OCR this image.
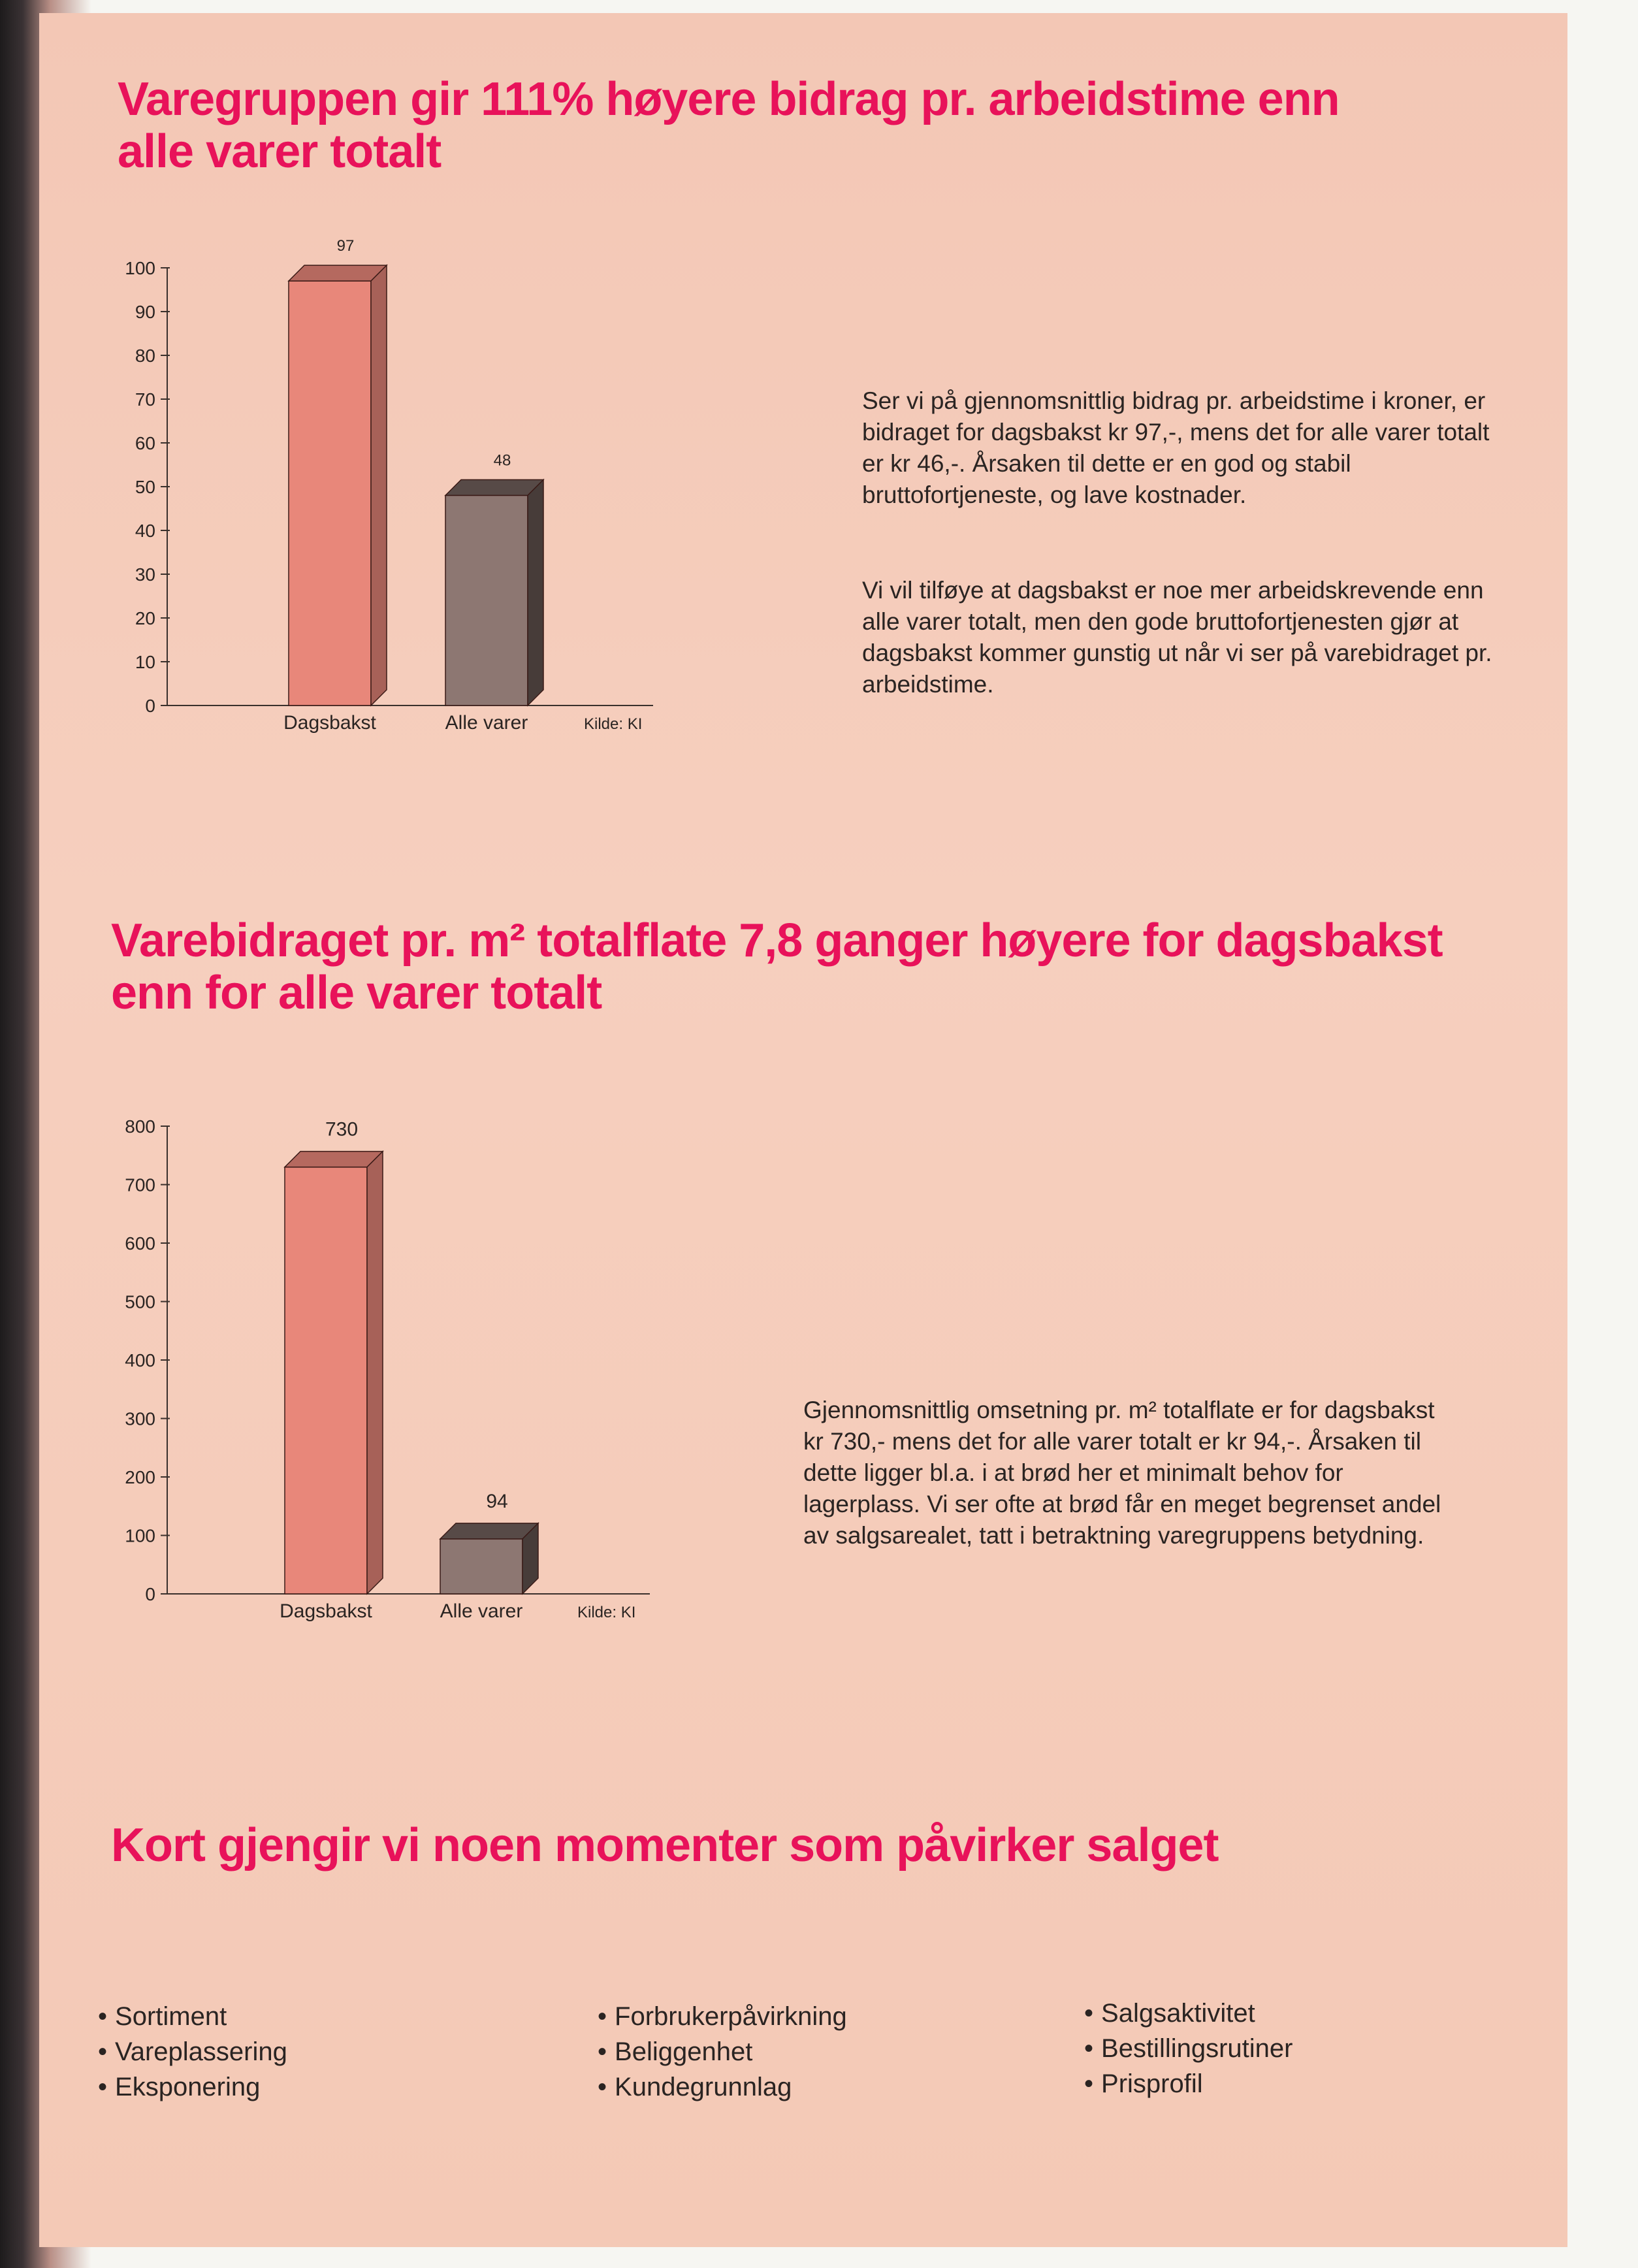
Varegruppen gir 111% høyere bidrag pr. arbeidstime enn
alle varer totalt
0
10
20
30
40
50
60
70
80
90
100
97
Dagsbakst
48
Alle varer	Kilde: KI

Ser vi på gjennomsnittlig bidrag pr. arbeidstime i kroner, er bidraget for dagsbakst kr 97,-, mens det for alle varer totalt er kr 46,-. Årsaken til dette er en god og stabil bruttofortjeneste, og lave kostnader.

Vi vil tilføye at dagsbakst er noe mer arbeidskrevende enn alle varer totalt, men den gode bruttofortjenesten gjør at dagsbakst kommer gunstig ut når vi ser på varebidraget pr. arbeidstime.

Varebidraget pr. m² totalflate 7,8 ganger høyere for dagsbakst
enn for alle varer totalt
0
100
200
300
400
500
600
700
800	730
Dagsbakst
94
Alle varer	Kilde: KI

Gjennomsnittlig omsetning pr. m² totalflate er for dagsbakst kr 730,- mens det for alle varer totalt er kr 94,-. Årsaken til dette ligger bl.a. i at brød her et minimalt behov for lagerplass. Vi ser ofte at brød får en meget begrenset andel av salgsarealet, tatt i betraktning varegruppens betydning.

Kort gjengir vi noen momenter som påvirker salget
• Sortiment
• Vareplassering
• Eksponering
• Forbrukerpåvirkning
• Beliggenhet
• Kundegrunnlag
• Salgsaktivitet
• Bestillingsrutiner
• Prisprofil
